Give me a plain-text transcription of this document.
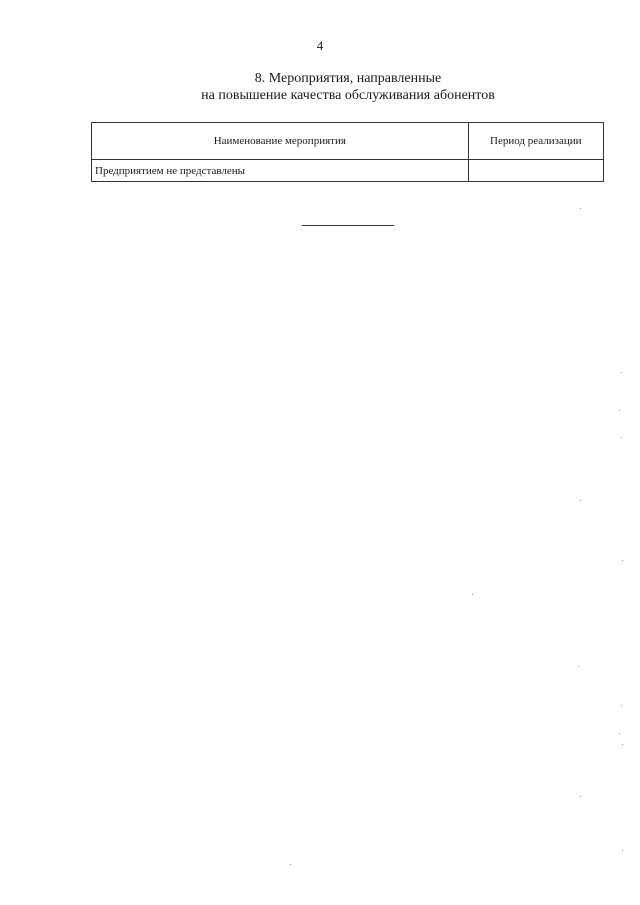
4
8. Мероприятия, направленные
на повышение качества обслуживания абонентов
Наименование мероприятия	Период реализации
Предприятием не представлены	
